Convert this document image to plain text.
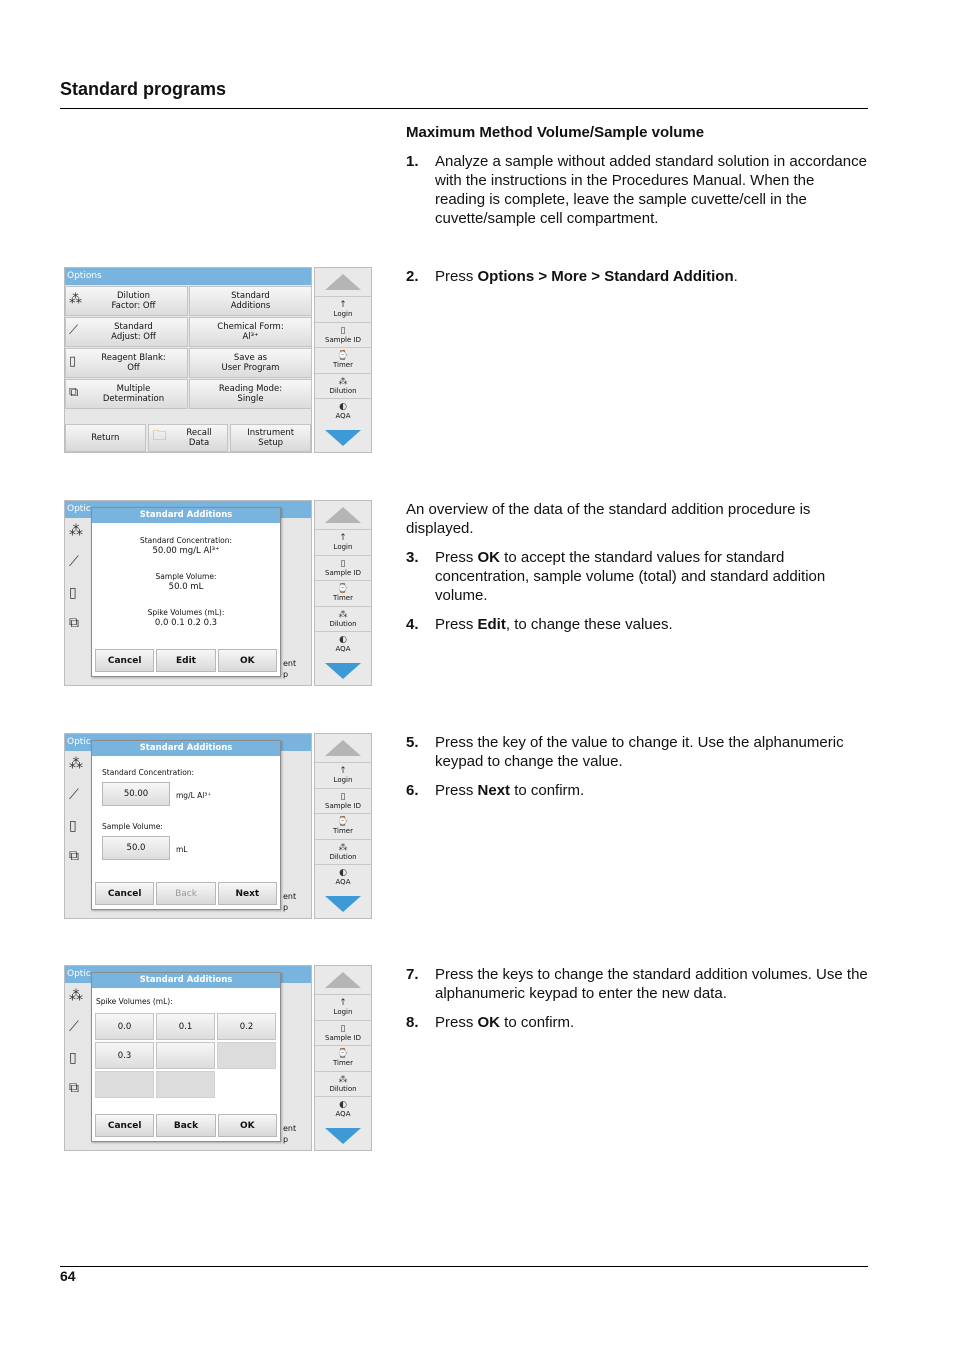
Standard programs
Maximum Method Volume/Sample volume
1.	Analyze a sample without added standard solution in accordance with the instructions in the Procedures Manual. When the reading is complete, leave the sample cuvette/cell in the cuvette/sample cell compartment.
2.	Press Options > More > Standard Addition.
An overview of the data of the standard addition procedure is displayed.
3.	Press OK to accept the standard values for standard concentration, sample volume (total) and standard addition volume.
4.	Press Edit, to change these values.
5.	Press the key of the value to change it. Use the alphanumeric keypad to change the value.
6.	Press Next to confirm.
7.	Press the keys to change the standard addition volumes. Use the alphanumeric keypad to enter the new data.
8.	Press OK to confirm.
Options
⁂	Dilution
Factor: Off
Standard
Additions
⟋	Standard
Adjust: Off
Chemical Form:
Al³⁺
▯	Reagent Blank:
Off
Save as
User Program
⧉	Multiple
Determination
Reading Mode:
Single
Return	🗀	Recall
Data
Instrument
Setup
↑
Login
▯
Sample ID
⌚
Timer
⁂
Dilution
◐
AQA
Optic
⁂
⟋
▯
⧉
ent
p
↑
Login
▯
Sample ID
⌚
Timer
⁂
Dilution
◐
AQA
Standard Additions
Standard Concentration:
50.00 mg/L Al³⁺
Sample Volume:
50.0 mL
Spike Volumes (mL):
0.0 0.1 0.2 0.3
Cancel	Edit	OK
Optic
⁂
⟋
▯
⧉
ent
p
↑
Login
▯
Sample ID
⌚
Timer
⁂
Dilution
◐
AQA
Standard Additions
Standard Concentration:
50.00	mg/L Al³⁺
Sample Volume:
50.0	mL
Cancel	Back	Next
Optic
⁂
⟋
▯
⧉
ent
p
↑
Login
▯
Sample ID
⌚
Timer
⁂
Dilution
◐
AQA
Standard Additions
Spike Volumes (mL):
0.0	0.1	0.2
0.3
Cancel	Back	OK
64
